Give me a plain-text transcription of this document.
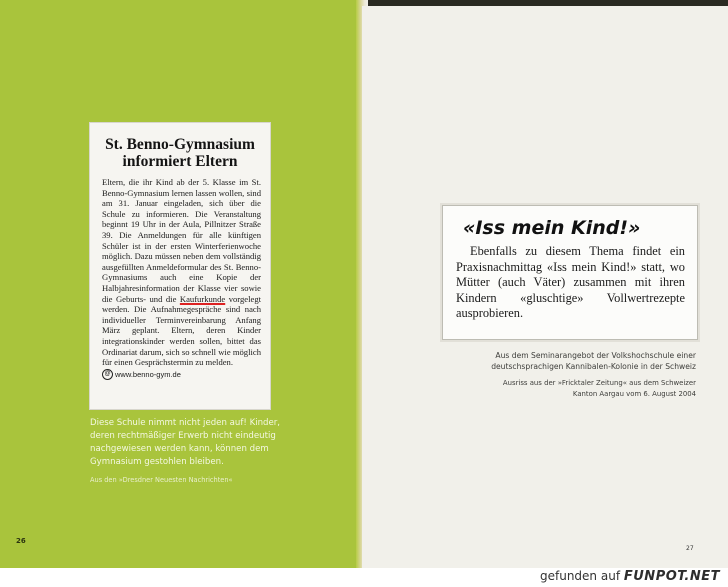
St. Benno-Gymnasium
informiert Eltern
Eltern, die ihr Kind ab der 5. Klasse im St. Benno-Gymnasium lernen lassen wollen, sind am 31. Januar eingeladen, sich über die Schule zu informieren. Die Veranstaltung beginnt 19 Uhr in der Aula, Pillnitzer Straße 39. Die Anmeldungen für alle künftigen Schüler ist in der ersten Winterferienwoche möglich. Dazu müssen neben dem vollständig ausgefüllten Anmeldeformular des St. Benno-Gymnasiums auch eine Kopie der Halbjahresinformation der Klasse vier sowie die Geburts- und die Kaufurkunde vorgelegt werden. Die Aufnahmegespräche sind nach individueller Terminvereinbarung Anfang März geplant. Eltern, deren Kinder integrationskinder werden sollen, bittet das Ordinariat darum, sich so schnell wie möglich für einen Gesprächstermin zu melden.
@ www.benno-gym.de
Diese Schule nimmt nicht jeden auf! Kinder, deren rechtmäßiger Erwerb nicht eindeutig nachgewiesen werden kann, können dem Gymnasium gestohlen bleiben.
Aus den »Dresdner Neuesten Nachrichten«
26

«Iss mein Kind!»
Ebenfalls zu diesem Thema findet ein Praxisnachmittag «Iss mein Kind!» statt, wo Mütter (auch Väter) zusammen mit ihren Kindern «gluschtige» Vollwertrezepte ausprobieren.
Aus dem Seminarangebot der Volkshochschule einer
deutschsprachigen Kannibalen-Kolonie in der Schweiz
Ausriss aus der »Fricktaler Zeitung« aus dem Schweizer
Kanton Aargau vom 6. August 2004
27
gefunden auf FUNPOT.NET
